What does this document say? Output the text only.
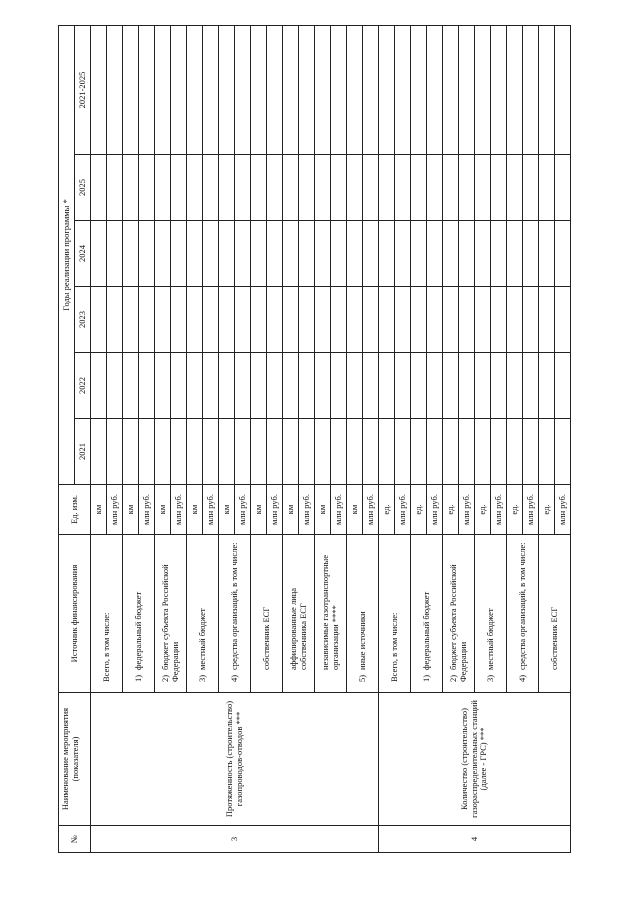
№	Наименование мероприятия (показателя)	Источник финансирования	Ед. изм.	Годы реализации программы *					
				2021	2022	2023	2024	2025	2021-2025
3	Протяженность (строительство) газопроводов-отводов ***	Всего, в том числе:	км						
			млн руб.						
		1)федеральный бюджет	км						
			млн руб.						
		2)бюджет субъекта Российской Федерации	км						
			млн руб.						
		3)местный бюджет	км						
			млн руб.						
		4)средства организаций, в том числе:	км						
			млн руб.						
		собственник ЕСГ	км						
			млн руб.						
		аффилированные лица собственника ЕСГ	км						
			млн руб.						
		независимые газотранспортные организации ****	км						
			млн руб.						
		5)иные источники	км						
			млн руб.						
4	Количество (строительство) газораспределительных станций (далее - ГРС) ***	Всего, в том числе:	ед.						
			млн руб.						
		1)федеральный бюджет	ед.						
			млн руб.						
		2)бюджет субъекта Российской Федерации	ед.						
			млн руб.						
		3)местный бюджет	ед.						
			млн руб.						
		4)средства организаций, в том числе:	ед.						
			млн руб.						
		собственник ЕСГ	ед.						
			млн руб.						
